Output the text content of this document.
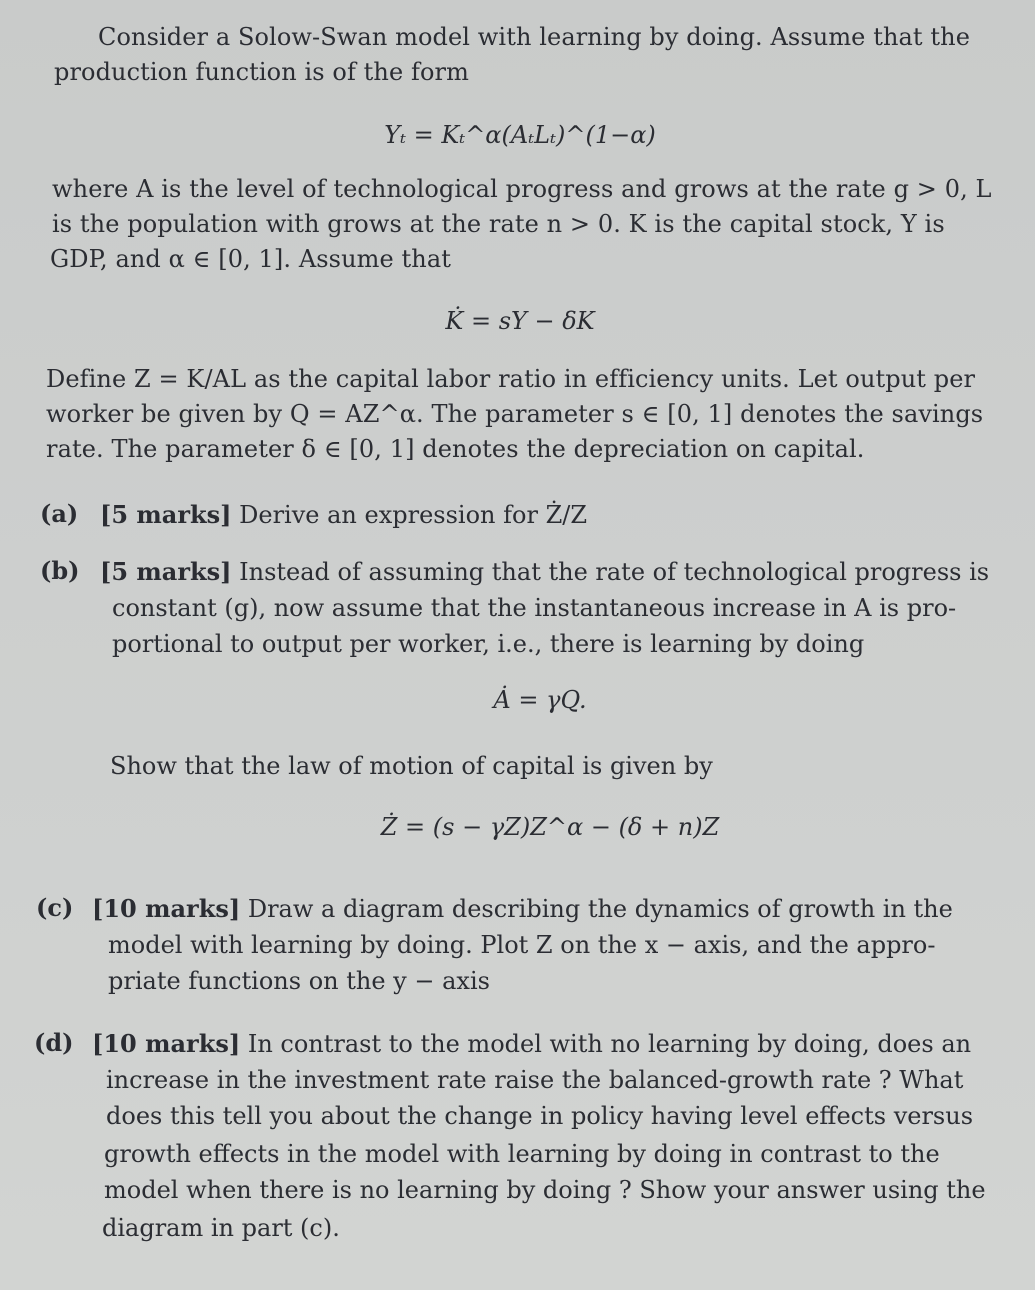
Consider a Solow-Swan model with learning by doing. Assume that the
production function is of the form
Yₜ = Kₜ^α(AₜLₜ)^(1−α)
where A is the level of technological progress and grows at the rate g > 0, L
is the population with grows at the rate n > 0. K is the capital stock, Y is
GDP, and α ∈ [0, 1]. Assume that
K̇ = sY − δK
Define Z = K/AL as the capital labor ratio in efficiency units. Let output per
worker be given by Q = AZ^α. The parameter s ∈ [0, 1] denotes the savings
rate. The parameter δ ∈ [0, 1] denotes the depreciation on capital.
(a) [5 marks] Derive an expression for Ż/Z
(b) [5 marks] Instead of assuming that the rate of technological progress is
constant (g), now assume that the instantaneous increase in A is pro-
portional to output per worker, i.e., there is learning by doing
Ȧ = γQ.
Show that the law of motion of capital is given by
Ż = (s − γZ)Z^α − (δ + n)Z
(c) [10 marks] Draw a diagram describing the dynamics of growth in the
model with learning by doing. Plot Z on the x − axis, and the appro-
priate functions on the y − axis
(d) [10 marks] In contrast to the model with no learning by doing, does an
increase in the investment rate raise the balanced-growth rate ? What
does this tell you about the change in policy having level effects versus
growth effects in the model with learning by doing in contrast to the
model when there is no learning by doing ? Show your answer using the
diagram in part (c).
